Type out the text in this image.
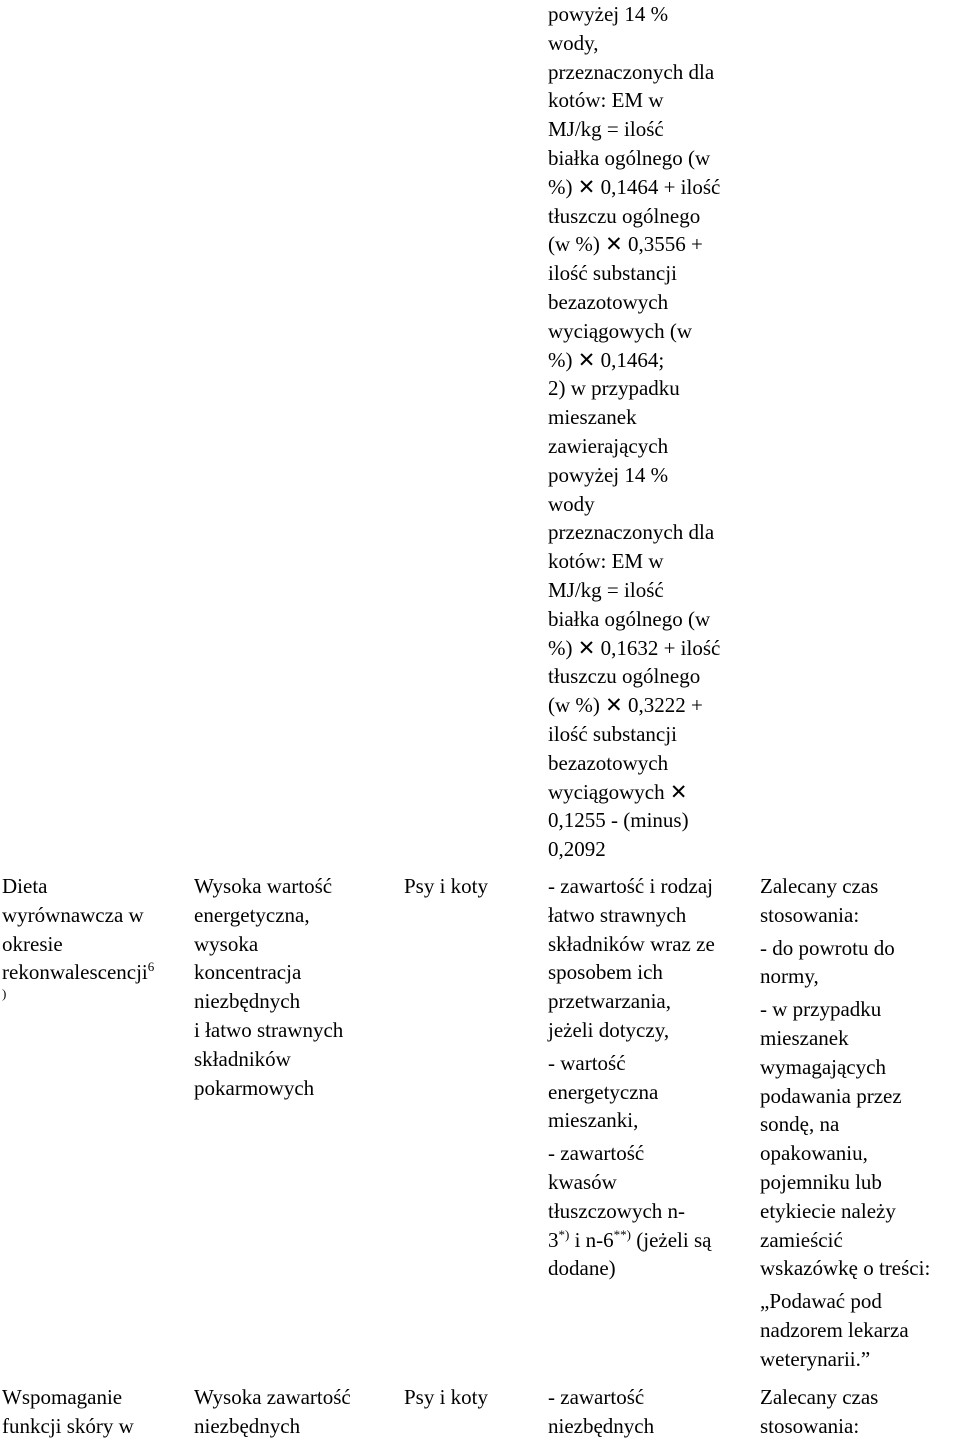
powyżej 14 %
wody,
przeznaczonych dla
kotów: EM w
MJ/kg = ilość
białka ogólnego (w
%) ✕ 0,1464 + ilość
tłuszczu ogólnego
(w %) ✕ 0,3556 +
ilość substancji
bezazotowych
wyciągowych (w
%) ✕ 0,1464;
2) w przypadku
mieszanek
zawierających
powyżej 14 %
wody
przeznaczonych dla
kotów: EM w
MJ/kg = ilość
białka ogólnego (w
%) ✕ 0,1632 + ilość
tłuszczu ogólnego
(w %) ✕ 0,3222 +
ilość substancji
bezazotowych
wyciągowych ✕
0,1255 - (minus)
0,2092
Dieta
wyrównawcza w
okresie
rekonwalescencji$^6$
)
Wysoka wartość
energetyczna,
wysoka
koncentracja
niezbędnych
i łatwo strawnych
składników
pokarmowych
Psy i koty	- zawartość i rodzaj
łatwo strawnych
składników wraz ze
sposobem ich
przetwarzania,
jeżeli dotyczy,
- wartość
energetyczna
mieszanki,
- zawartość
kwasów
tłuszczowych n-
3*) i n-6**) (jeżeli są
dodane)
Zalecany czas
stosowania:
- do powrotu do
normy,
- w przypadku
mieszanek
wymagających
podawania przez
sondę, na
opakowaniu,
pojemniku lub
etykiecie należy
zamieścić
wskazówkę o treści:
„Podawać pod
nadzorem lekarza
weterynarii.”
Wspomaganie
funkcji skóry w
Wysoka zawartość
niezbędnych
Psy i koty	- zawartość
niezbędnych
Zalecany czas
stosowania:
